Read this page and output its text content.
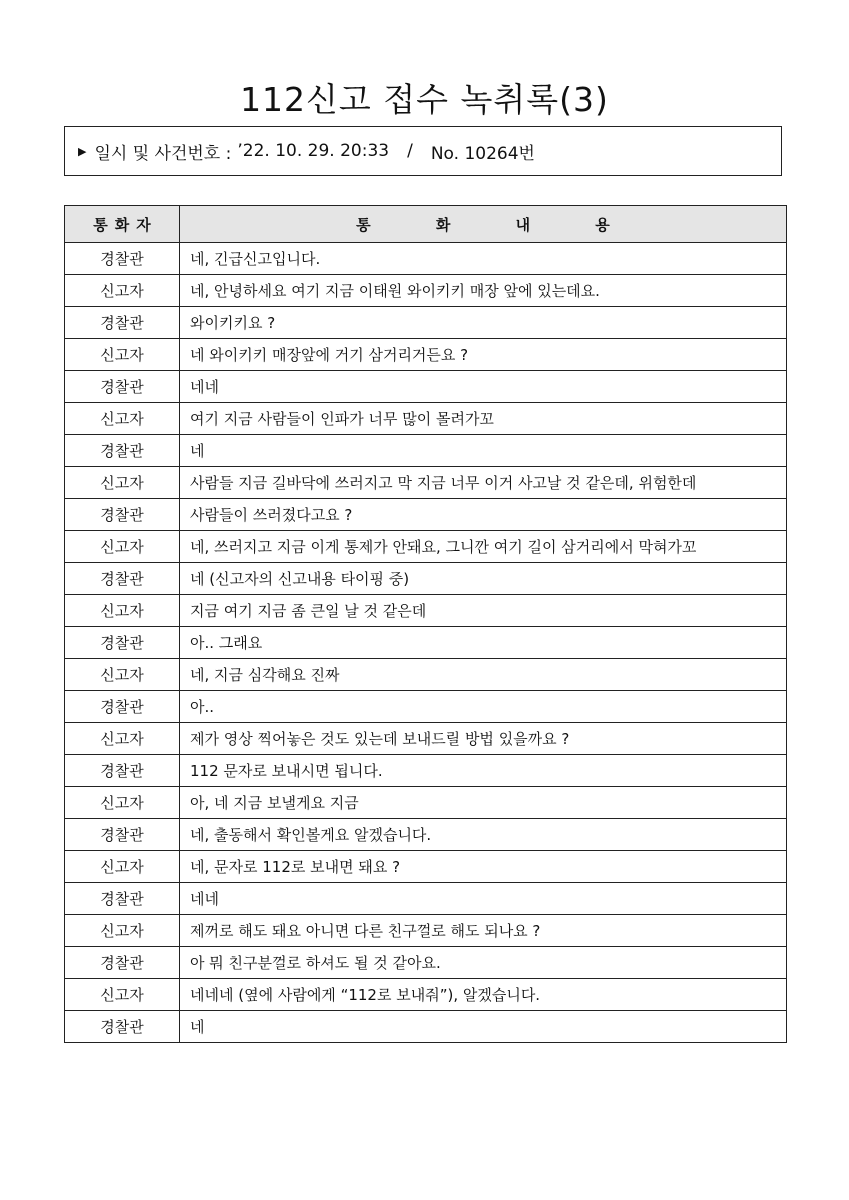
112신고 접수 녹취록(3)
▶ 일시 및 사건번호 : ’22. 10. 29. 20:33 / No. 10264번
통화자	통 화 내 용
경찰관	네, 긴급신고입니다.
신고자	네, 안녕하세요 여기 지금 이태원 와이키키 매장 앞에 있는데요.
경찰관	와이키키요 ?
신고자	네 와이키키 매장앞에 거기 삼거리거든요 ?
경찰관	네네
신고자	여기 지금 사람들이 인파가 너무 많이 몰려가꼬
경찰관	네
신고자	사람들 지금 길바닥에 쓰러지고 막 지금 너무 이거 사고날 것 같은데, 위험한데
경찰관	사람들이 쓰러졌다고요 ?
신고자	네, 쓰러지고 지금 이게 통제가 안돼요, 그니깐 여기 길이 삼거리에서 막혀가꼬
경찰관	네 (신고자의 신고내용 타이핑 중)
신고자	지금 여기 지금 좀 큰일 날 것 같은데
경찰관	아.. 그래요
신고자	네, 지금 심각해요 진짜
경찰관	아..
신고자	제가 영상 찍어놓은 것도 있는데 보내드릴 방법 있을까요 ?
경찰관	112 문자로 보내시면 됩니다.
신고자	아, 네 지금 보낼게요 지금
경찰관	네, 출동해서 확인볼게요 알겠습니다.
신고자	네, 문자로 112로 보내면 돼요 ?
경찰관	네네
신고자	제꺼로 해도 돼요 아니면 다른 친구껄로 해도 되나요 ?
경찰관	아 뭐 친구분껄로 하셔도 될 것 같아요.
신고자	네네네 (옆에 사람에게 “112로 보내줘”), 알겠습니다.
경찰관	네
